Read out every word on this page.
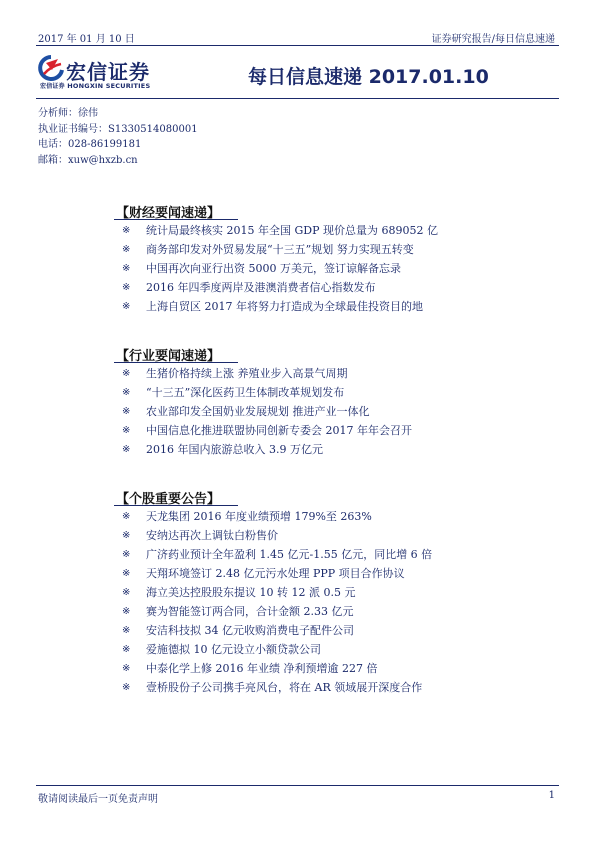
2017 年 01 月 10 日	证券研究报告/每日信息速递
宏信证券
宏信证券 HONGXIN SECURITIES	每日信息速递 2017.01.10
分析师：徐伟
执业证书编号：S1330514080001
电话：028-86199181
邮箱：xuw@hxzb.cn
【财经要闻速递】
※	统计局最终核实 2015 年全国 GDP 现价总量为 689052 亿
※	商务部印发对外贸易发展“十三五”规划 努力实现五转变
※	中国再次向亚行出资 5000 万美元，签订谅解备忘录
※	2016 年四季度两岸及港澳消费者信心指数发布
※	上海自贸区 2017 年将努力打造成为全球最佳投资目的地
【行业要闻速递】
※	生猪价格持续上涨 养殖业步入高景气周期
※	“十三五”深化医药卫生体制改革规划发布
※	农业部印发全国奶业发展规划 推进产业一体化
※	中国信息化推进联盟协同创新专委会 2017 年年会召开
※	2016 年国内旅游总收入 3.9 万亿元
【个股重要公告】
※	天龙集团 2016 年度业绩预增 179%至 263%
※	安纳达再次上调钛白粉售价
※	广济药业预计全年盈利 1.45 亿元-1.55 亿元，同比增 6 倍
※	天翔环境签订 2.48 亿元污水处理 PPP 项目合作协议
※	海立美达控股股东提议 10 转 12 派 0.5 元
※	赛为智能签订两合同，合计金额 2.33 亿元
※	安洁科技拟 34 亿元收购消费电子配件公司
※	爱施德拟 10 亿元设立小额贷款公司
※	中泰化学上修 2016 年业绩 净利预增逾 227 倍
※	壹桥股份子公司携手亮风台，将在 AR 领域展开深度合作
敬请阅读最后一页免责声明	1
